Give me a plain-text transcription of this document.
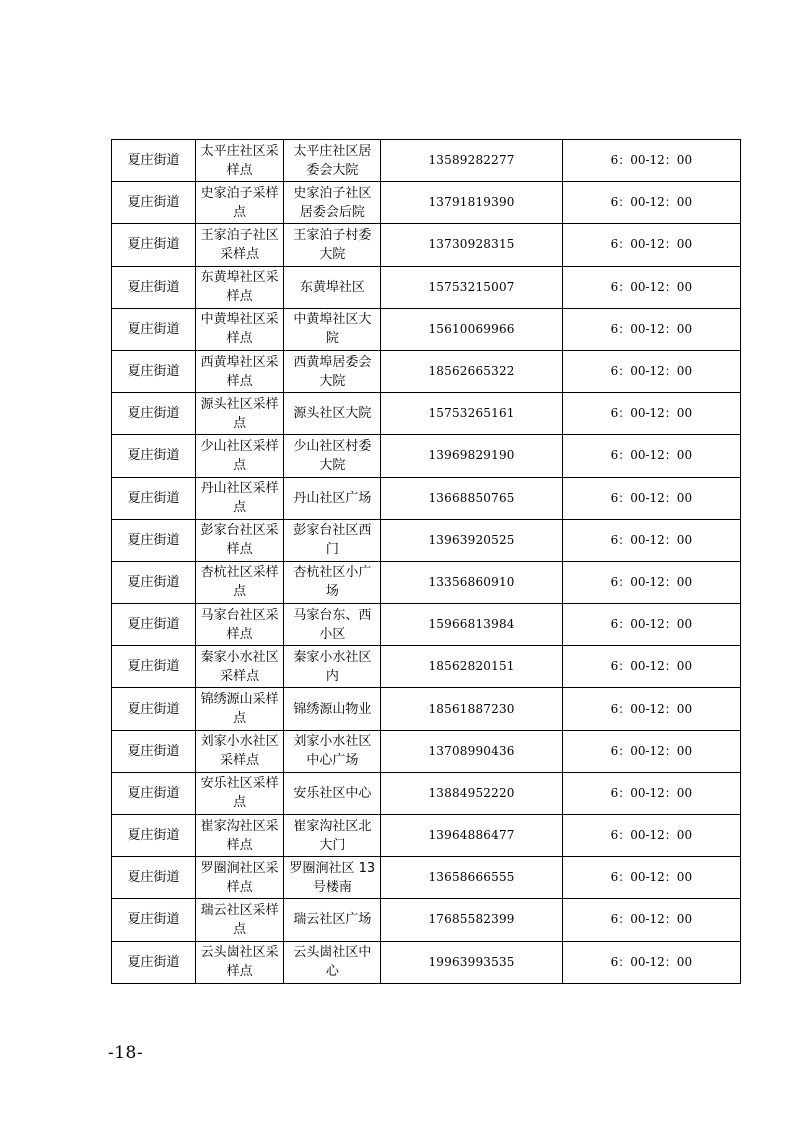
夏庄街道	太平庄社区采样点	太平庄社区居委会大院	13589282277	6：00-12：00
夏庄街道	史家泊子采样点	史家泊子社区居委会后院	13791819390	6：00-12：00
夏庄街道	王家泊子社区采样点	王家泊子村委大院	13730928315	6：00-12：00
夏庄街道	东黄埠社区采样点	东黄埠社区	15753215007	6：00-12：00
夏庄街道	中黄埠社区采样点	中黄埠社区大院	15610069966	6：00-12：00
夏庄街道	西黄埠社区采样点	西黄埠居委会大院	18562665322	6：00-12：00
夏庄街道	源头社区采样点	源头社区大院	15753265161	6：00-12：00
夏庄街道	少山社区采样点	少山社区村委大院	13969829190	6：00-12：00
夏庄街道	丹山社区采样点	丹山社区广场	13668850765	6：00-12：00
夏庄街道	彭家台社区采样点	彭家台社区西门	13963920525	6：00-12：00
夏庄街道	杏杭社区采样点	杏杭社区小广场	13356860910	6：00-12：00
夏庄街道	马家台社区采样点	马家台东、西小区	15966813984	6：00-12：00
夏庄街道	秦家小水社区采样点	秦家小水社区内	18562820151	6：00-12：00
夏庄街道	锦绣源山采样点	锦绣源山物业	18561887230	6：00-12：00
夏庄街道	刘家小水社区采样点	刘家小水社区中心广场	13708990436	6：00-12：00
夏庄街道	安乐社区采样点	安乐社区中心	13884952220	6：00-12：00
夏庄街道	崔家沟社区采样点	崔家沟社区北大门	13964886477	6：00-12：00
夏庄街道	罗圈涧社区采样点	罗圈涧社区 13 号楼南	13658666555	6：00-12：00
夏庄街道	瑞云社区采样点	瑞云社区广场	17685582399	6：00-12：00
夏庄街道	云头崮社区采样点	云头崮社区中心	19963993535	6：00-12：00
-18-
